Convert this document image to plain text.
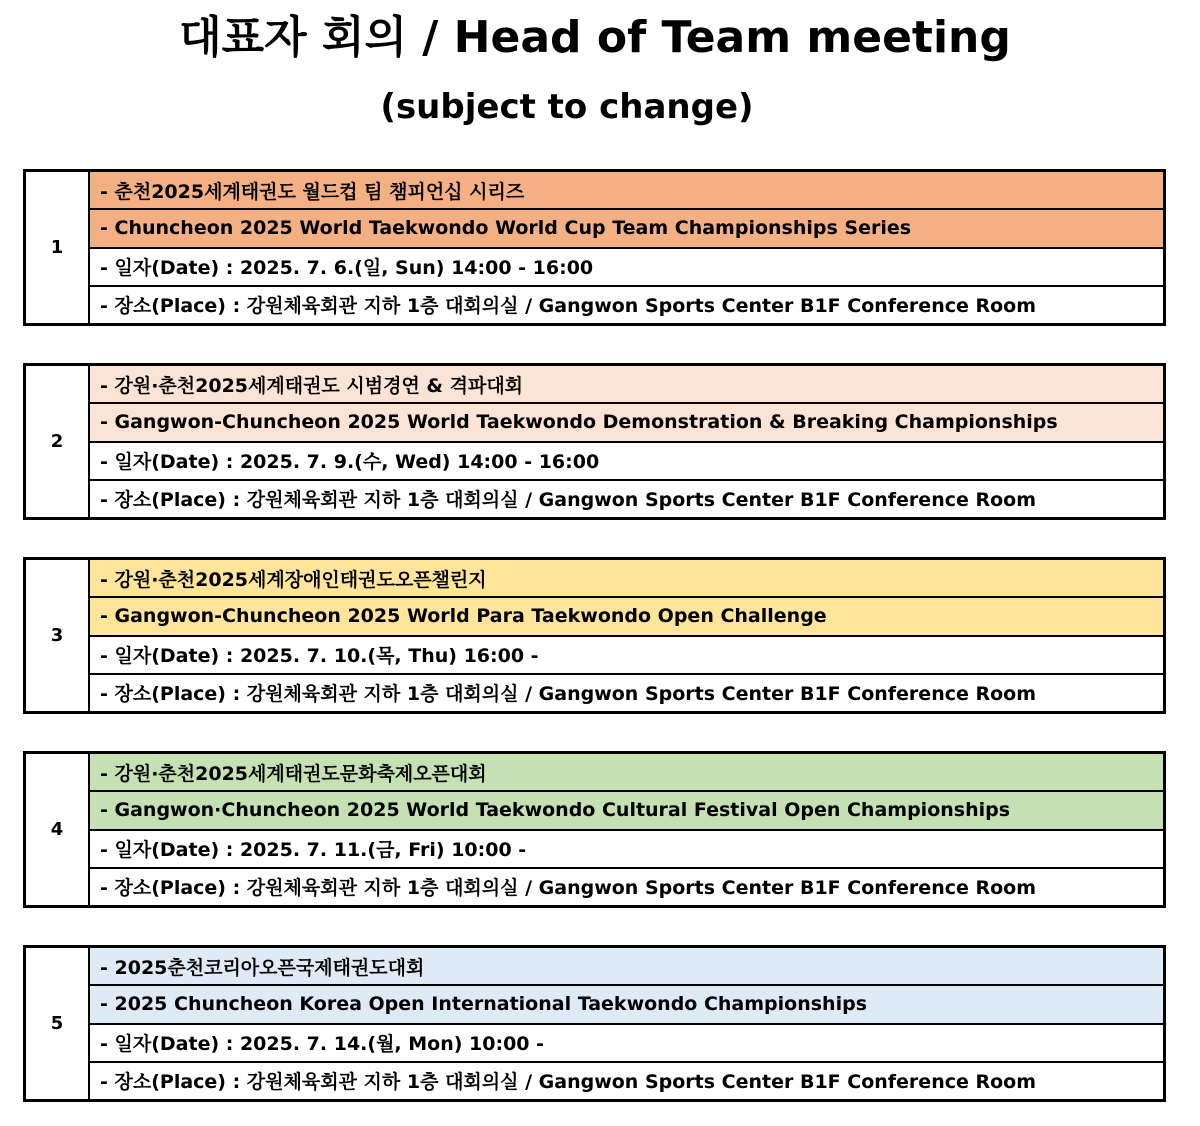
대표자 회의 / Head of Team meeting
(subject to change)
1
- 춘천2025세계태권도 월드컵 팀 챔피언십 시리즈
- Chuncheon 2025 World Taekwondo World Cup Team Championships Series
- 일자(Date) : 2025. 7. 6.(일, Sun) 14:00 - 16:00
- 장소(Place) : 강원체육회관 지하 1층 대회의실 / Gangwon Sports Center B1F Conference Room
2
- 강원·춘천2025세계태권도 시범경연 & 격파대회
- Gangwon-Chuncheon 2025 World Taekwondo Demonstration & Breaking Championships
- 일자(Date) : 2025. 7. 9.(수, Wed) 14:00 - 16:00
- 장소(Place) : 강원체육회관 지하 1층 대회의실 / Gangwon Sports Center B1F Conference Room
3
- 강원·춘천2025세계장애인태권도오픈챌린지
- Gangwon-Chuncheon 2025 World Para Taekwondo Open Challenge
- 일자(Date) : 2025. 7. 10.(목, Thu) 16:00 -
- 장소(Place) : 강원체육회관 지하 1층 대회의실 / Gangwon Sports Center B1F Conference Room
4
- 강원·춘천2025세계태권도문화축제오픈대회
- Gangwon·Chuncheon 2025 World Taekwondo Cultural Festival Open Championships
- 일자(Date) : 2025. 7. 11.(금, Fri) 10:00 -
- 장소(Place) : 강원체육회관 지하 1층 대회의실 / Gangwon Sports Center B1F Conference Room
5
- 2025춘천코리아오픈국제태권도대회
- 2025 Chuncheon Korea Open International Taekwondo Championships
- 일자(Date) : 2025. 7. 14.(월, Mon) 10:00 -
- 장소(Place) : 강원체육회관 지하 1층 대회의실 / Gangwon Sports Center B1F Conference Room
